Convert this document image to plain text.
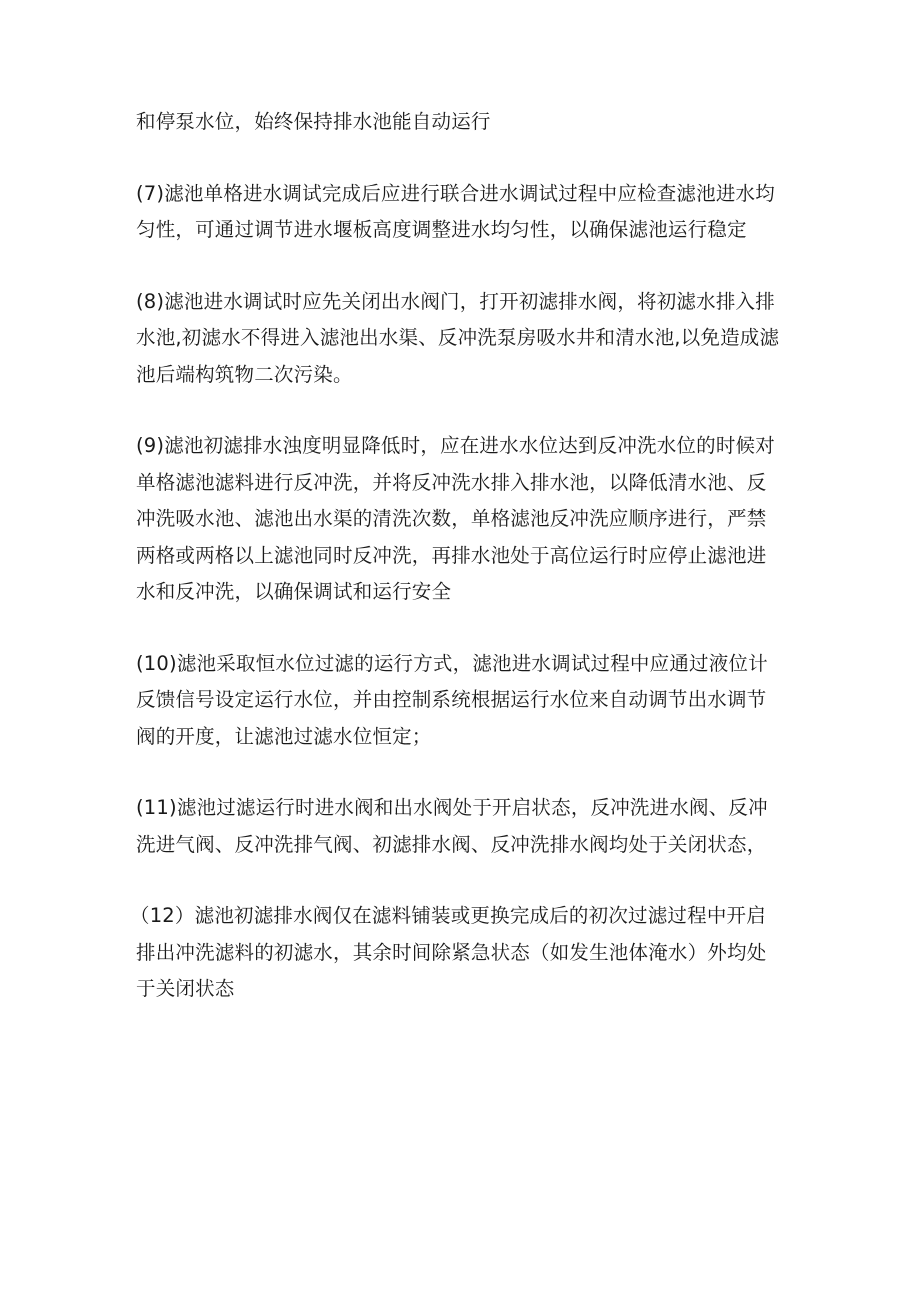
和停泵水位，始终保持排水池能自动运行
(7)滤池单格进水调试完成后应进行联合进水调试过程中应检查滤池进水均
匀性，可通过调节进水堰板高度调整进水均匀性，以确保滤池运行稳定
(8)滤池进水调试时应先关闭出水阀门，打开初滤排水阀，将初滤水排入排
水池,初滤水不得进入滤池出水渠、反冲洗泵房吸水井和清水池,以免造成滤
池后端构筑物二次污染。
(9)滤池初滤排水浊度明显降低时，应在进水水位达到反冲洗水位的时候对
单格滤池滤料进行反冲洗，并将反冲洗水排入排水池，以降低清水池、反
冲洗吸水池、滤池出水渠的清洗次数，单格滤池反冲洗应顺序进行，严禁
两格或两格以上滤池同时反冲洗，再排水池处于高位运行时应停止滤池进
水和反冲洗，以确保调试和运行安全
(10)滤池采取恒水位过滤的运行方式，滤池进水调试过程中应通过液位计
反馈信号设定运行水位，并由控制系统根据运行水位来自动调节出水调节
阀的开度，让滤池过滤水位恒定；
(11)滤池过滤运行时进水阀和出水阀处于开启状态，反冲洗进水阀、反冲
洗进气阀、反冲洗排气阀、初滤排水阀、反冲洗排水阀均处于关闭状态，
（12）滤池初滤排水阀仅在滤料铺装或更换完成后的初次过滤过程中开启
排出冲洗滤料的初滤水，其余时间除紧急状态（如发生池体淹水）外均处
于关闭状态
